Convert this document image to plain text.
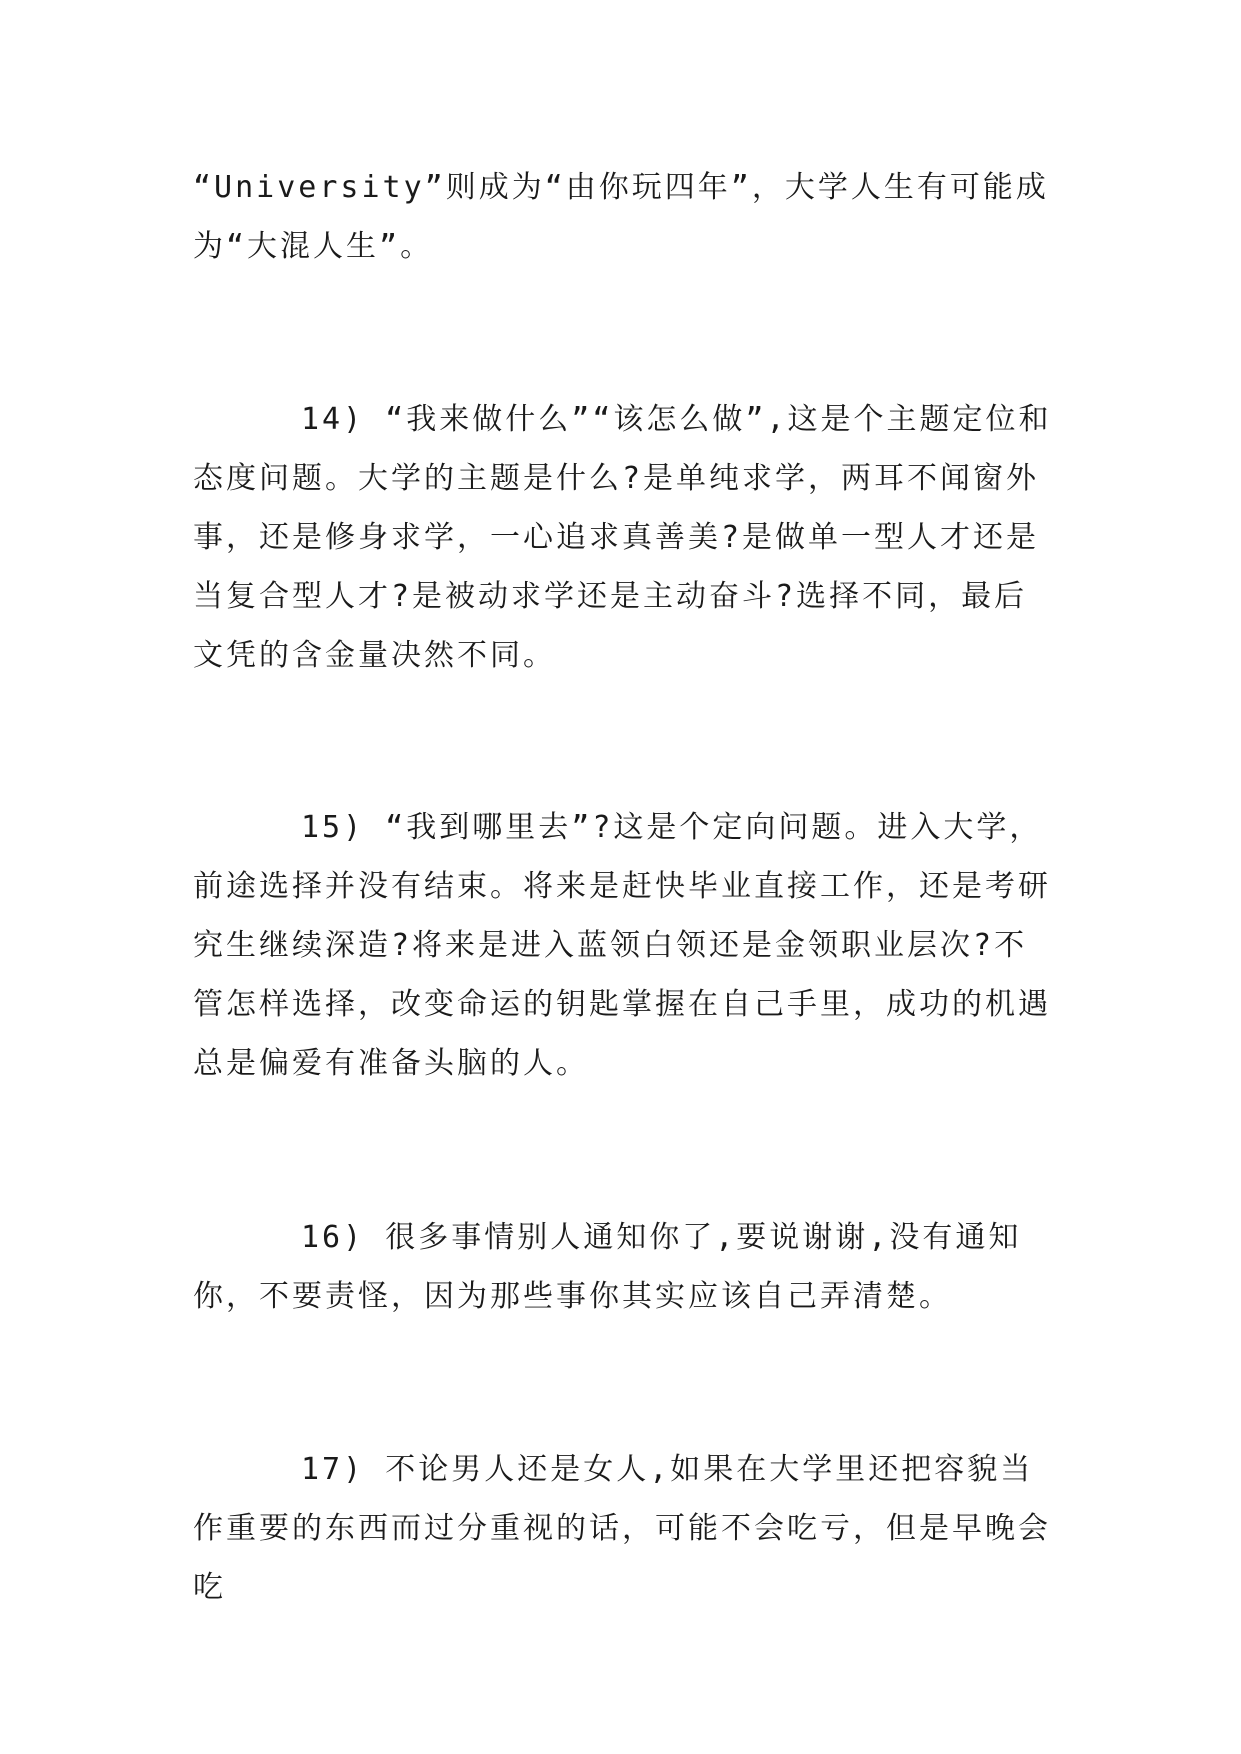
“University”则成为“由你玩四年”，大学人生有可能成为“大混人生”。

14) “我来做什么”“该怎么做”,这是个主题定位和态度问题。大学的主题是什么?是单纯求学，两耳不闻窗外事，还是修身求学，一心追求真善美?是做单一型人才还是当复合型人才?是被动求学还是主动奋斗?选择不同，最后文凭的含金量决然不同。

15) “我到哪里去”?这是个定向问题。进入大学，前途选择并没有结束。将来是赶快毕业直接工作，还是考研究生继续深造?将来是进入蓝领白领还是金领职业层次?不管怎样选择，改变命运的钥匙掌握在自己手里，成功的机遇总是偏爱有准备头脑的人。

16) 很多事情别人通知你了,要说谢谢,没有通知你，不要责怪，因为那些事你其实应该自己弄清楚。

17) 不论男人还是女人,如果在大学里还把容貌当作重要的东西而过分重视的话，可能不会吃亏，但是早晚会吃
